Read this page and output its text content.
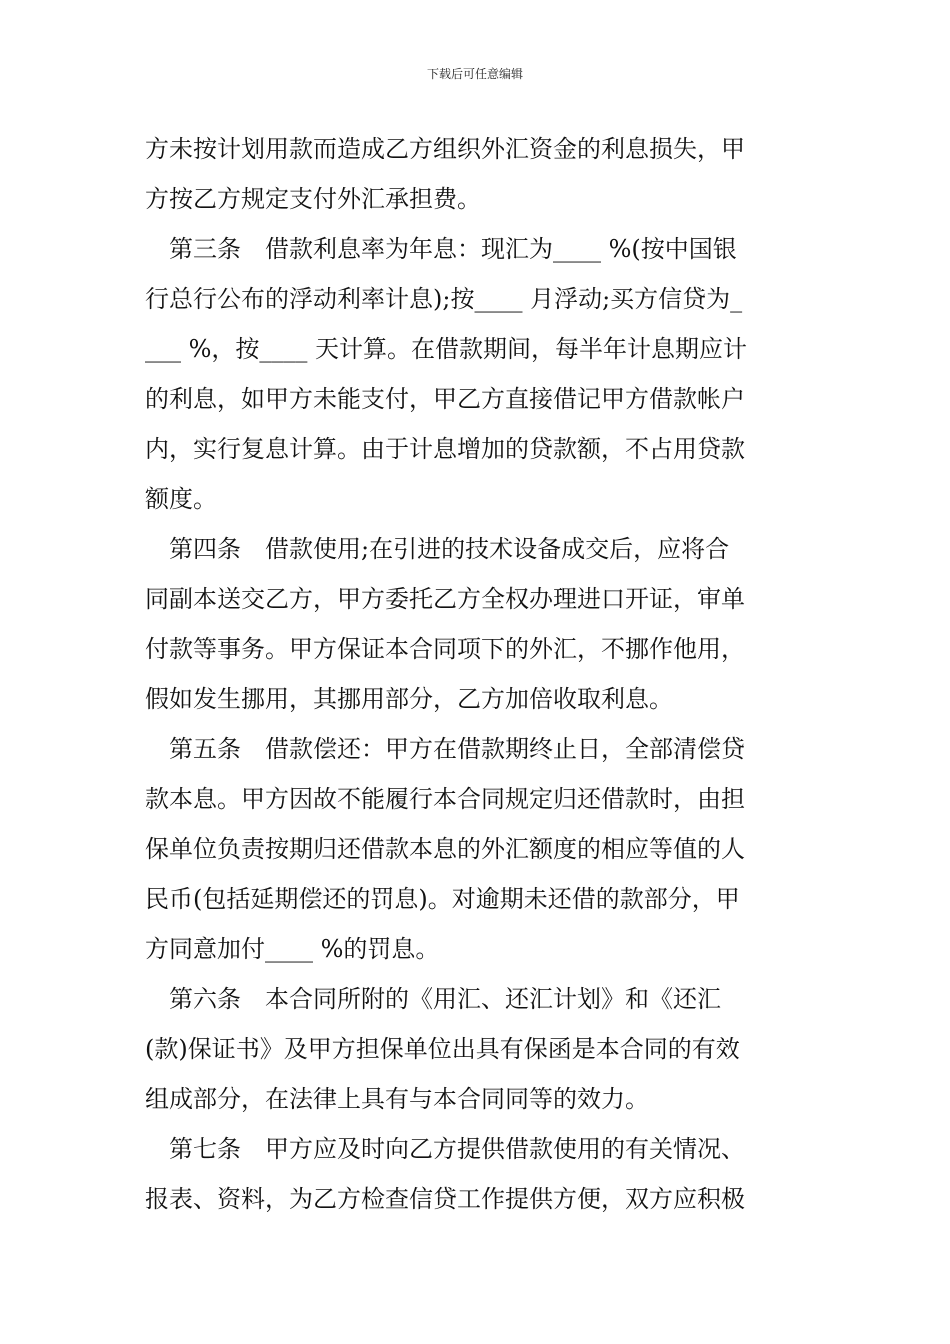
下载后可任意编辑
方未按计划用款而造成乙方组织外汇资金的利息损失，甲
方按乙方规定支付外汇承担费。
　第三条　借款利息率为年息：现汇为____ %(按中国银
行总行公布的浮动利率计息);按____ 月浮动;买方信贷为_
___ %，按____ 天计算。在借款期间，每半年计息期应计
的利息，如甲方未能支付，甲乙方直接借记甲方借款帐户
内，实行复息计算。由于计息增加的贷款额，不占用贷款
额度。
　第四条　借款使用;在引进的技术设备成交后，应将合
同副本送交乙方，甲方委托乙方全权办理进口开证，审单
付款等事务。甲方保证本合同项下的外汇，不挪作他用，
假如发生挪用，其挪用部分，乙方加倍收取利息。
　第五条　借款偿还：甲方在借款期终止日，全部清偿贷
款本息。甲方因故不能履行本合同规定归还借款时，由担
保单位负责按期归还借款本息的外汇额度的相应等值的人
民币(包括延期偿还的罚息)。对逾期未还借的款部分，甲
方同意加付____ %的罚息。
　第六条　本合同所附的《用汇、还汇计划》和《还汇
(款)保证书》及甲方担保单位出具有保函是本合同的有效
组成部分，在法律上具有与本合同同等的效力。
　第七条　甲方应及时向乙方提供借款使用的有关情况、
报表、资料，为乙方检查信贷工作提供方便，双方应积极
